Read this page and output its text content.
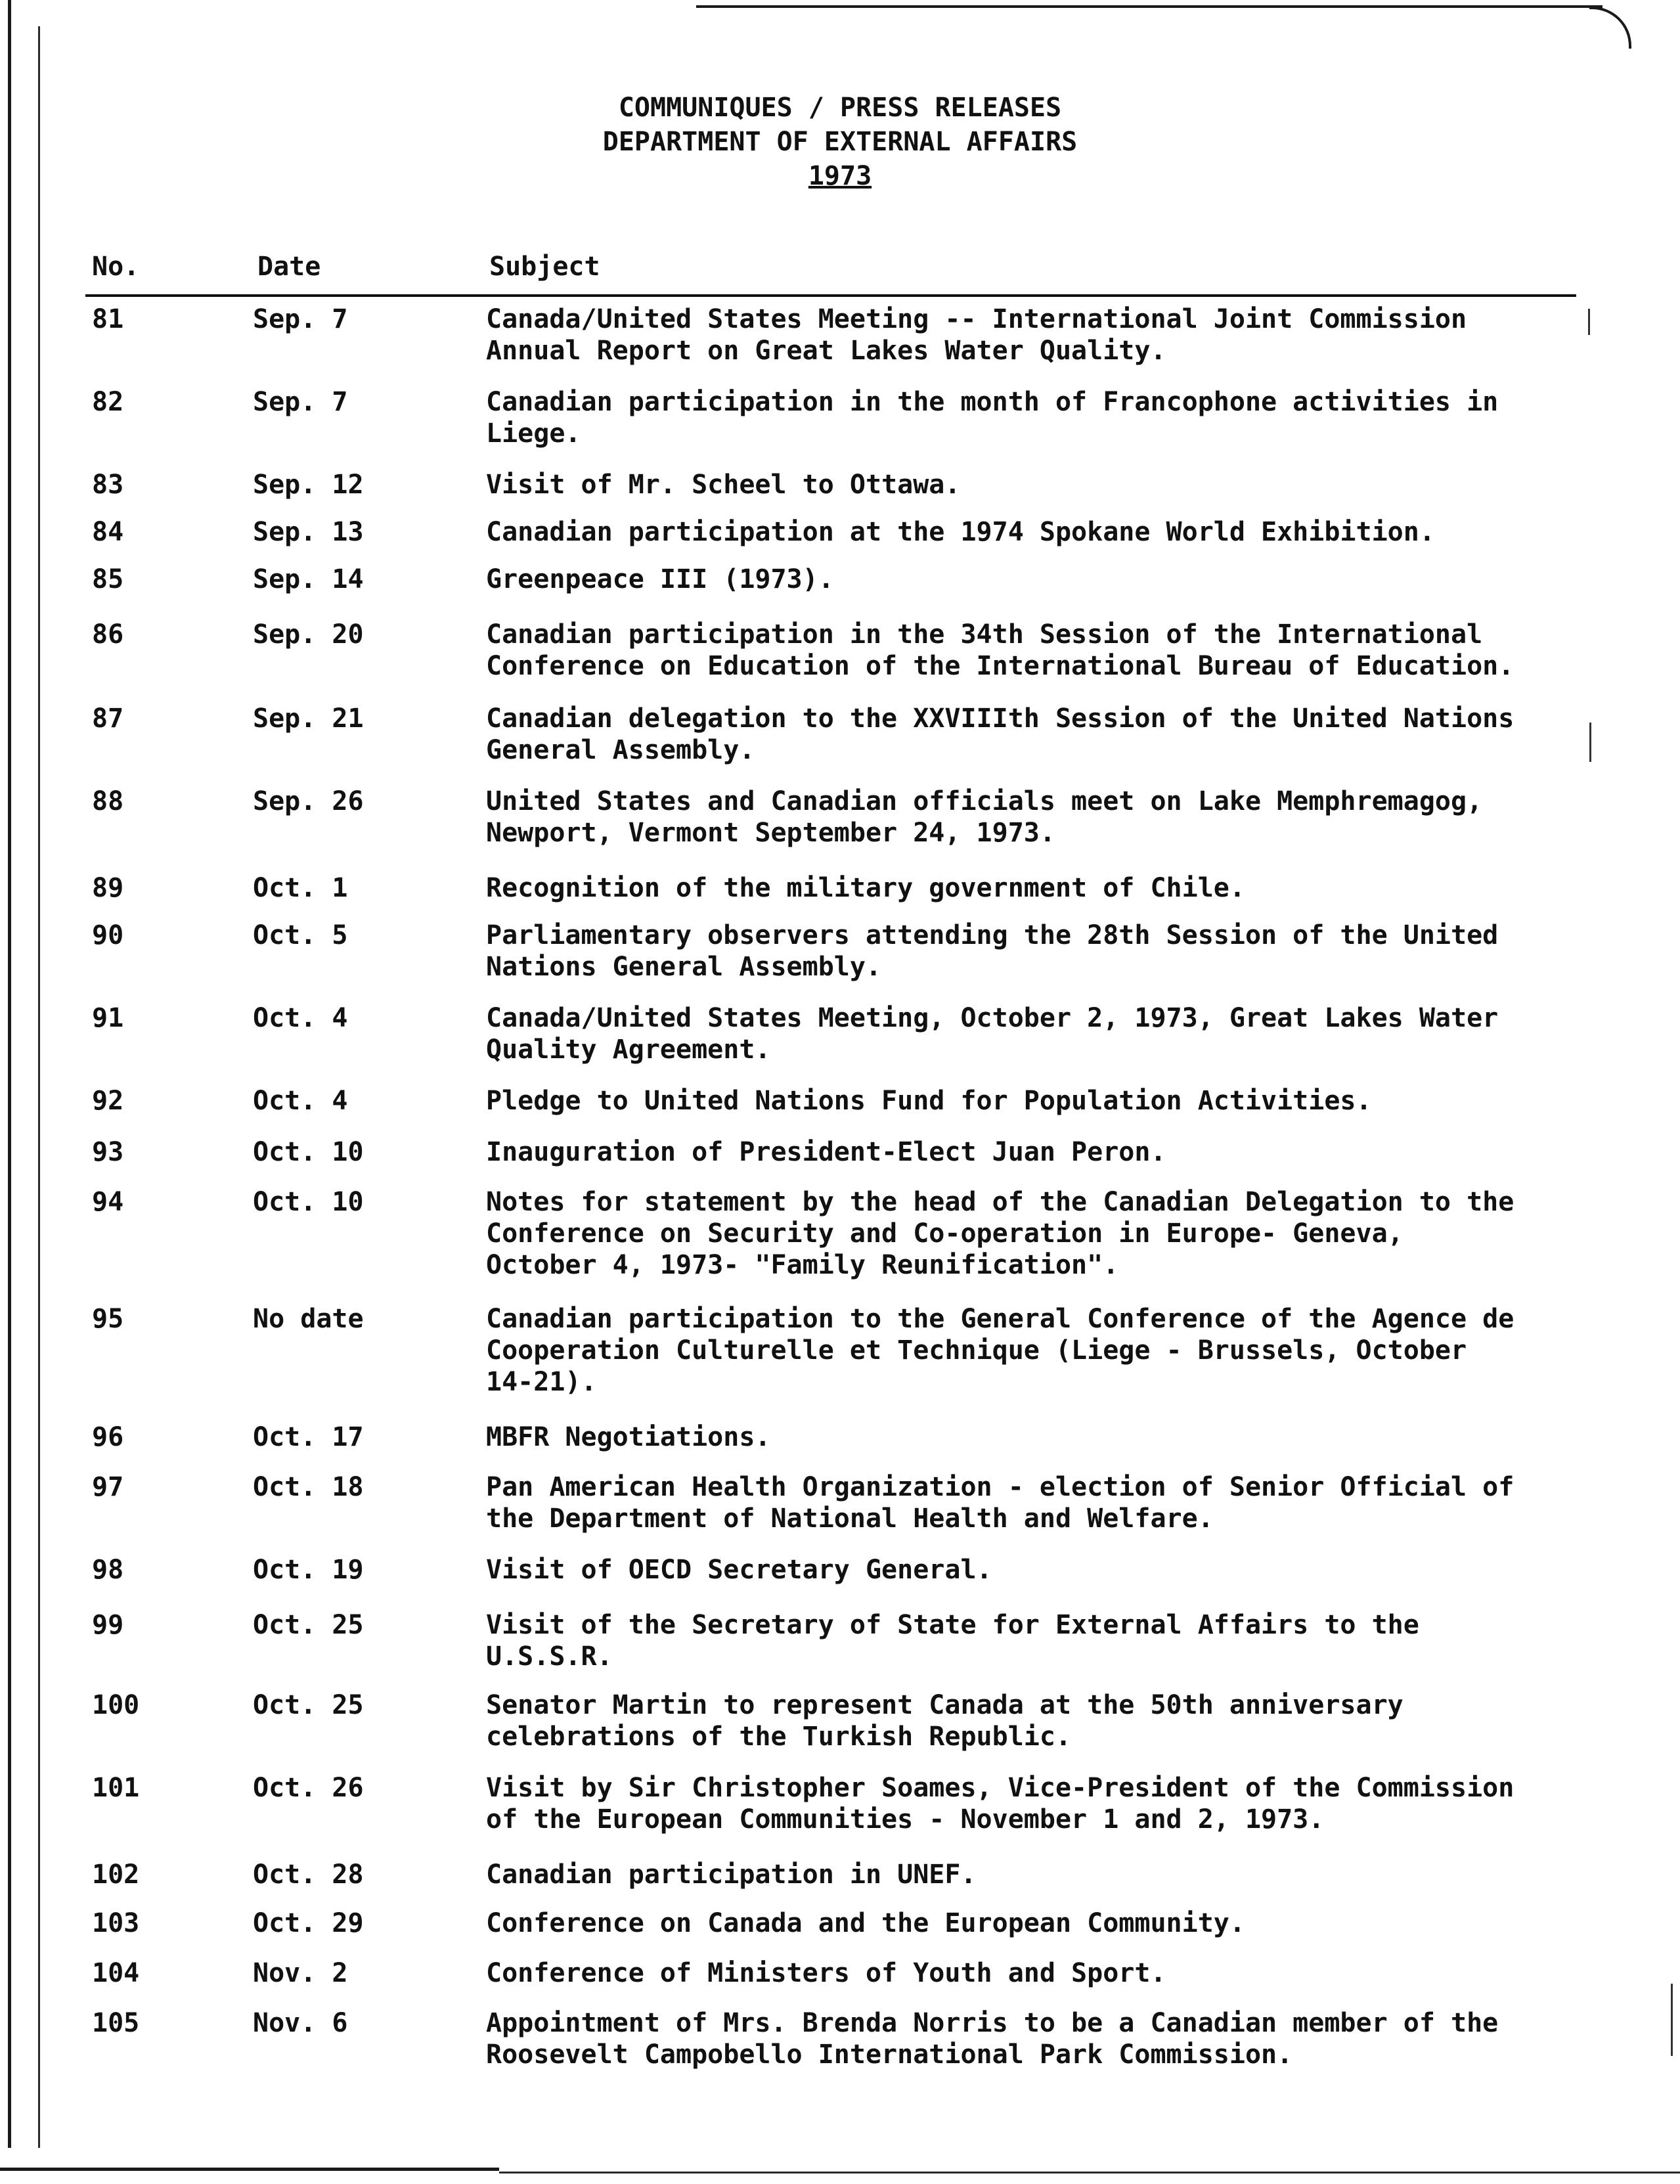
COMMUNIQUES / PRESS RELEASES
DEPARTMENT OF EXTERNAL AFFAIRS
1973
No.	Date	Subject
81	Sep. 7	Canada/United States Meeting -- International Joint Commission
Annual Report on Great Lakes Water Quality.
82	Sep. 7	Canadian participation in the month of Francophone activities in
Liege.
83	Sep. 12	Visit of Mr. Scheel to Ottawa.
84	Sep. 13	Canadian participation at the 1974 Spokane World Exhibition.
85	Sep. 14	Greenpeace III (1973).
86	Sep. 20	Canadian participation in the 34th Session of the International
Conference on Education of the International Bureau of Education.
87	Sep. 21	Canadian delegation to the XXVIIIth Session of the United Nations
General Assembly.
88	Sep. 26	United States and Canadian officials meet on Lake Memphremagog,
Newport, Vermont September 24, 1973.
89	Oct. 1	Recognition of the military government of Chile.
90	Oct. 5	Parliamentary observers attending the 28th Session of the United
Nations General Assembly.
91	Oct. 4	Canada/United States Meeting, October 2, 1973, Great Lakes Water
Quality Agreement.
92	Oct. 4	Pledge to United Nations Fund for Population Activities.
93	Oct. 10	Inauguration of President-Elect Juan Peron.
94	Oct. 10	Notes for statement by the head of the Canadian Delegation to the
Conference on Security and Co-operation in Europe- Geneva,
October 4, 1973- "Family Reunification".
95	No date	Canadian participation to the General Conference of the Agence de
Cooperation Culturelle et Technique (Liege - Brussels, October
14-21).
96	Oct. 17	MBFR Negotiations.
97	Oct. 18	Pan American Health Organization - election of Senior Official of
the Department of National Health and Welfare.
98	Oct. 19	Visit of OECD Secretary General.
99	Oct. 25	Visit of the Secretary of State for External Affairs to the
U.S.S.R.
100	Oct. 25	Senator Martin to represent Canada at the 50th anniversary
celebrations of the Turkish Republic.
101	Oct. 26	Visit by Sir Christopher Soames, Vice-President of the Commission
of the European Communities - November 1 and 2, 1973.
102	Oct. 28	Canadian participation in UNEF.
103	Oct. 29	Conference on Canada and the European Community.
104	Nov. 2	Conference of Ministers of Youth and Sport.
105	Nov. 6	Appointment of Mrs. Brenda Norris to be a Canadian member of the
Roosevelt Campobello International Park Commission.
